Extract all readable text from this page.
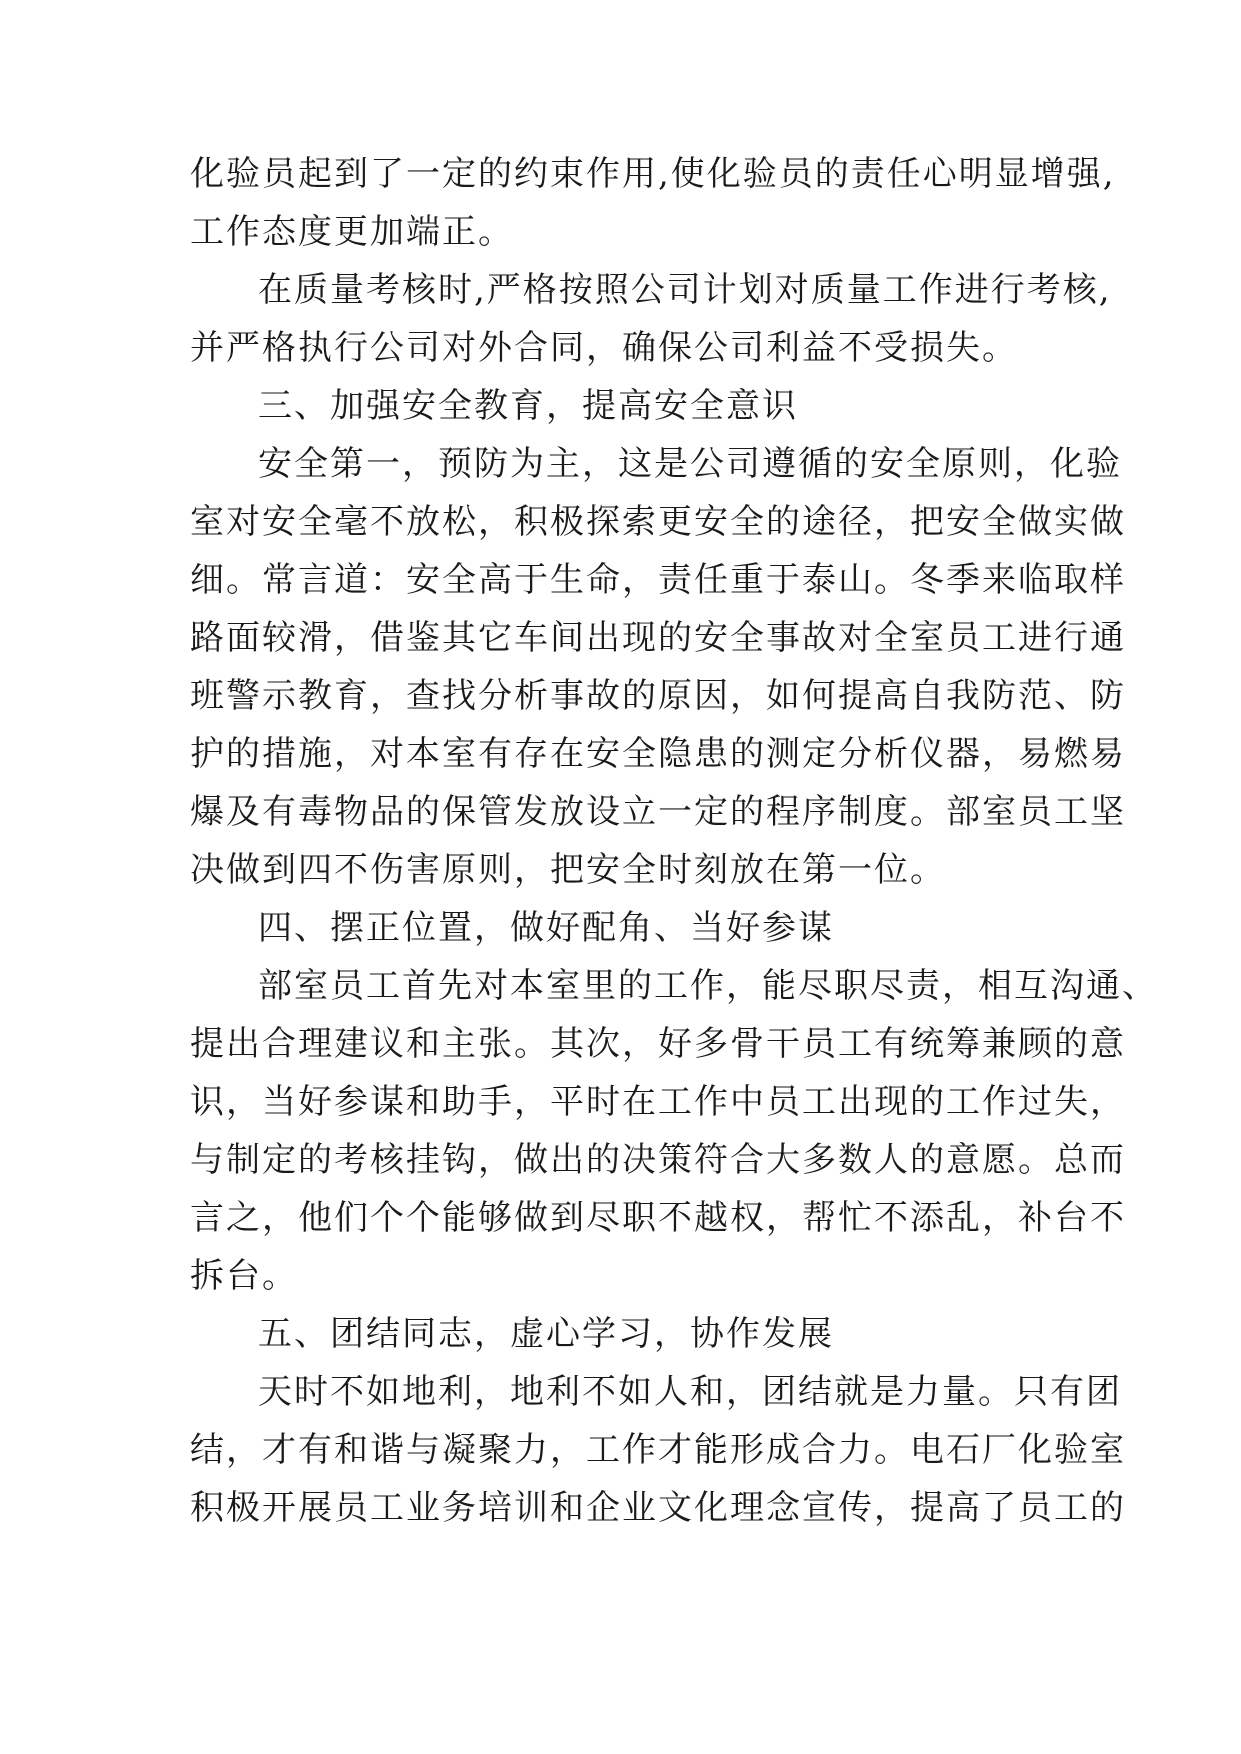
化验员起到了一定的约束作用,使化验员的责任心明显增强,
工作态度更加端正。
在质量考核时,严格按照公司计划对质量工作进行考核,
并严格执行公司对外合同，确保公司利益不受损失。
三、加强安全教育，提高安全意识
安全第一，预防为主，这是公司遵循的安全原则，化验
室对安全毫不放松，积极探索更安全的途径，把安全做实做
细。常言道：安全高于生命，责任重于泰山。冬季来临取样
路面较滑，借鉴其它车间出现的安全事故对全室员工进行通
班警示教育，查找分析事故的原因，如何提高自我防范、防
护的措施，对本室有存在安全隐患的测定分析仪器，易燃易
爆及有毒物品的保管发放设立一定的程序制度。部室员工坚
决做到四不伤害原则，把安全时刻放在第一位。
四、摆正位置，做好配角、当好参谋
部室员工首先对本室里的工作，能尽职尽责，相互沟通、
提出合理建议和主张。其次，好多骨干员工有统筹兼顾的意
识，当好参谋和助手，平时在工作中员工出现的工作过失，
与制定的考核挂钩，做出的决策符合大多数人的意愿。总而
言之，他们个个能够做到尽职不越权，帮忙不添乱，补台不
拆台。
五、团结同志，虚心学习，协作发展
天时不如地利，地利不如人和，团结就是力量。只有团
结，才有和谐与凝聚力，工作才能形成合力。电石厂化验室
积极开展员工业务培训和企业文化理念宣传，提高了员工的
